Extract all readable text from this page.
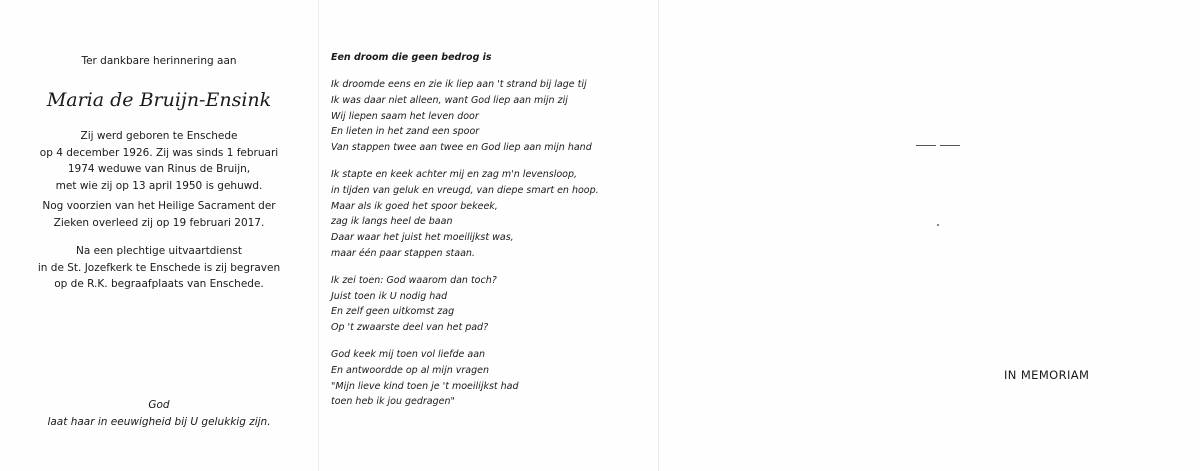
Ter dankbare herinnering aan
Maria de Bruijn-Ensink
Zij werd geboren te Enschede
op 4 december 1926. Zij was sinds 1 februari
1974 weduwe van Rinus de Bruijn,
met wie zij op 13 april 1950 is gehuwd.
Nog voorzien van het Heilige Sacrament der
Zieken overleed zij op 19 februari 2017.
Na een plechtige uitvaartdienst
in de St. Jozefkerk te Enschede is zij begraven
op de R.K. begraafplaats van Enschede.
God
laat haar in eeuwigheid bij U gelukkig zijn.
Een droom die geen bedrog is
Ik droomde eens en zie ik liep aan 't strand bij lage tij
Ik was daar niet alleen, want God liep aan mijn zij
Wij liepen saam het leven door
En lieten in het zand een spoor
Van stappen twee aan twee en God liep aan mijn hand
Ik stapte en keek achter mij en zag m'n levensloop,
in tijden van geluk en vreugd, van diepe smart en hoop.
Maar als ik goed het spoor bekeek,
zag ik langs heel de baan
Daar waar het juist het moeilijkst was,
maar één paar stappen staan.
Ik zei toen: God waarom dan toch?
Juist toen ik U nodig had
En zelf geen uitkomst zag
Op 't zwaarste deel van het pad?
God keek mij toen vol liefde aan
En antwoordde op al mijn vragen
"Mijn lieve kind toen je 't moeilijkst had
toen heb ik jou gedragen"
IN MEMORIAM
